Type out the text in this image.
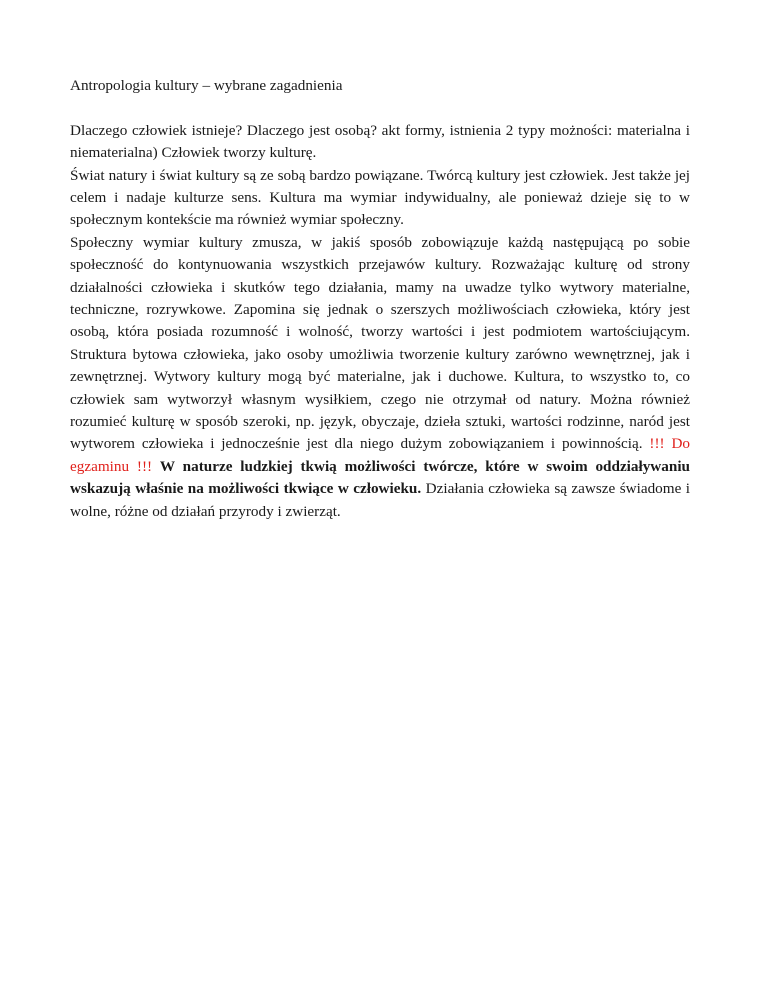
Antropologia kultury – wybrane zagadnienia

Dlaczego człowiek istnieje? Dlaczego jest osobą? akt formy, istnienia 2 typy możności: materialna i niematerialna) Człowiek tworzy kulturę.

Świat natury i świat kultury są ze sobą bardzo powiązane. Twórcą kultury jest człowiek. Jest także jej celem i nadaje kulturze sens. Kultura ma wymiar indywidualny, ale ponieważ dzieje się to w społecznym kontekście ma również wymiar społeczny.

Społeczny wymiar kultury zmusza, w jakiś sposób zobowiązuje każdą następującą po sobie społeczność do kontynuowania wszystkich przejawów kultury. Rozważając kulturę od strony działalności człowieka i skutków tego działania, mamy na uwadze tylko wytwory materialne, techniczne, rozrywkowe. Zapomina się jednak o szerszych możliwościach człowieka, który jest osobą, która posiada rozumność i wolność, tworzy wartości i jest podmiotem wartościującym. Struktura bytowa człowieka, jako osoby umożliwia tworzenie kultury zarówno wewnętrznej, jak i zewnętrznej. Wytwory kultury mogą być materialne, jak i duchowe. Kultura, to wszystko to, co człowiek sam wytworzył własnym wysiłkiem, czego nie otrzymał od natury. Można również rozumieć kulturę w sposób szeroki, np. język, obyczaje, dzieła sztuki, wartości rodzinne, naród jest wytworem człowieka i jednocześnie jest dla niego dużym zobowiązaniem i powinnością. !!! Do egzaminu !!! W naturze ludzkiej tkwią możliwości twórcze, które w swoim oddziaływaniu wskazują właśnie na możliwości tkwiące w człowieku. Działania człowieka są zawsze świadome i wolne, różne od działań przyrody i zwierząt.
